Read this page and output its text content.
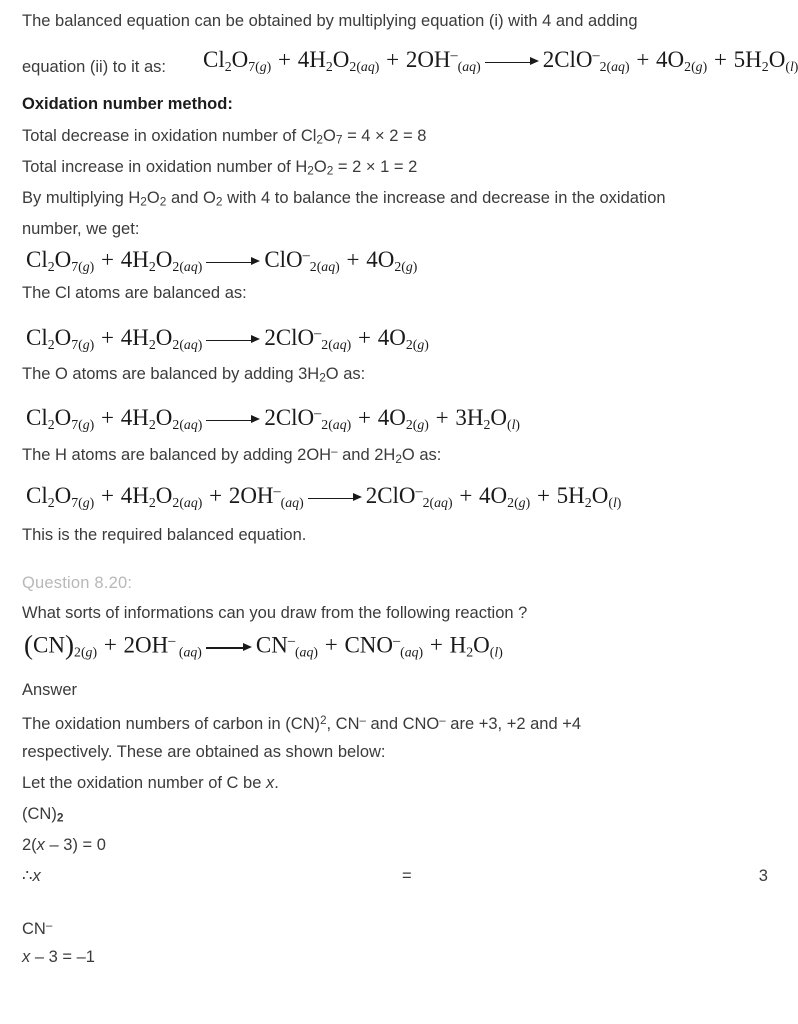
The balanced equation can be obtained by multiplying equation (i) with 4 and adding
equation (ii) to it as:	Cl2O7(g) + 4H2O2(aq) + 2OH–(aq)	2ClO–2(aq) + 4O2(g) + 5H2O(l)
Oxidation number method:
Total decrease in oxidation number of $Cl_2O_7 = 4 \times 2 = 8$
Total increase in oxidation number of $H_2O_2 = 2 \times 1 = 2$
By multiplying $H_2O_2$ and $O_2$ with 4 to balance the increase and decrease in the oxidation
number, we get:
Cl2O7(g) + 4H2O2(aq)	ClO–2(aq) + 4O2(g)
The Cl atoms are balanced as:
Cl2O7(g) + 4H2O2(aq)	2ClO–2(aq) + 4O2(g)
The O atoms are balanced by adding $3H_2O$ as:
Cl2O7(g) + 4H2O2(aq)	2ClO–2(aq) + 4O2(g) + 3H2O(l)
The H atoms are balanced by adding 2OH– and $2H_2O$ as:
Cl2O7(g) + 4H2O2(aq) + 2OH–(aq)	2ClO–2(aq) + 4O2(g) + 5H2O(l)
This is the required balanced equation.
Question 8.20:
What sorts of informations can you draw from the following reaction ?
(CN)2(g) + 2OH– (aq) CN–(aq) + CNO–(aq) + H2O(l)
Answer
The oxidation numbers of carbon in (CN)$^2$, CN– and CNO– are +3, +2 and +4
respectively. These are obtained as shown below:
Let the oxidation number of C be x.
$(CN)_2$
2(x – 3) = 0
∴x	=	3
CN–
x – 3 = –1
